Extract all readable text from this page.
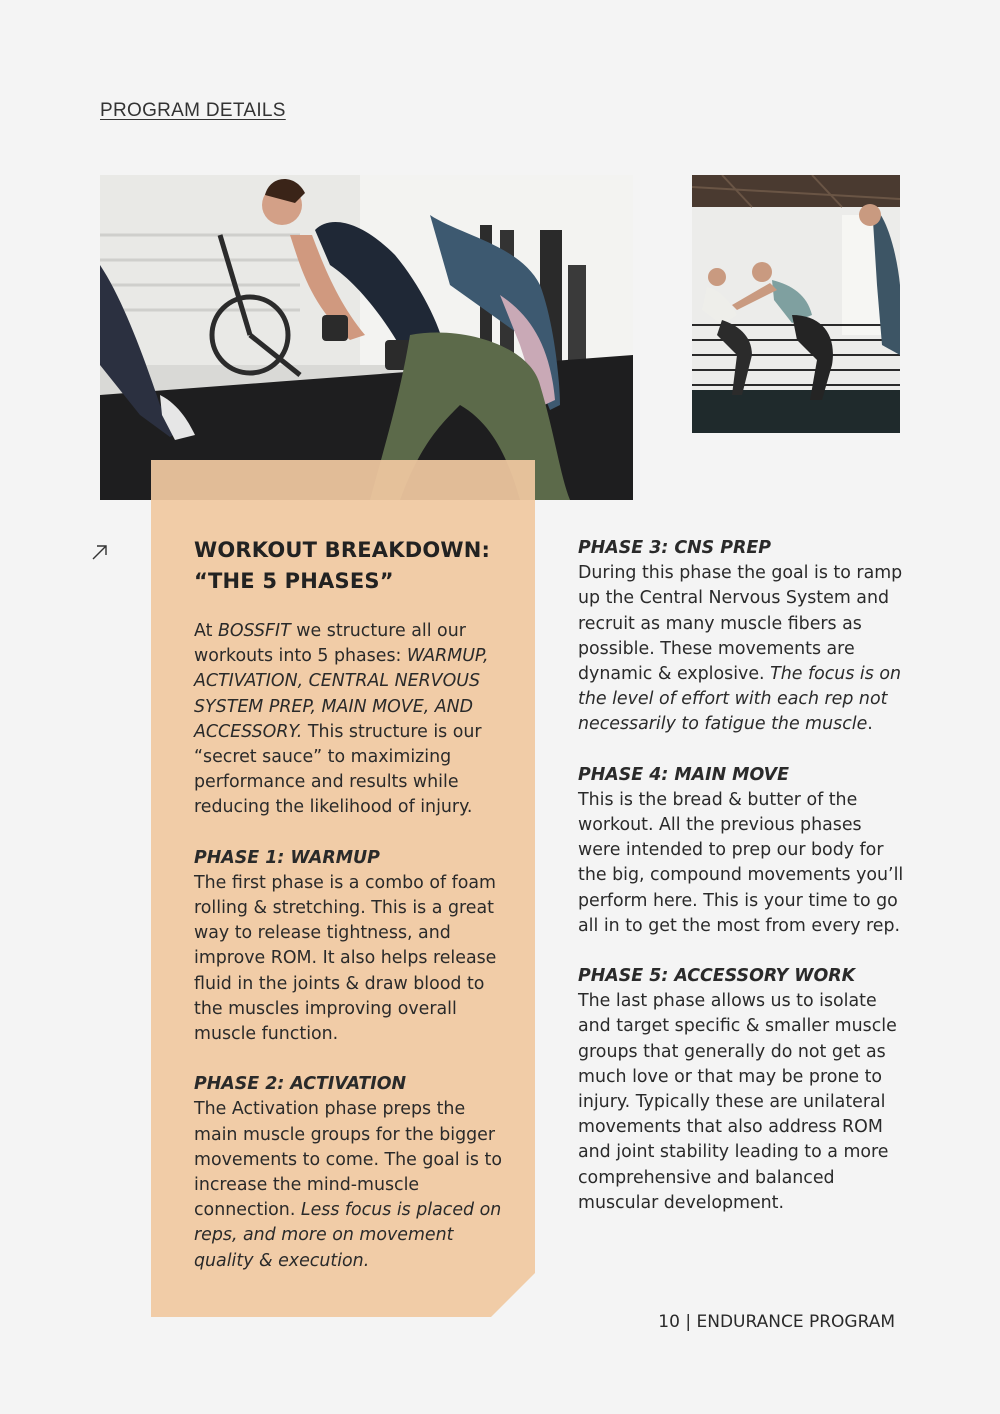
PROGRAM DETAILS
WORKOUT BREAKDOWN:
“THE 5 PHASES”

At BOSSFIT we structure all our workouts into 5 phases: WARMUP, ACTIVATION, CENTRAL NERVOUS SYSTEM PREP, MAIN MOVE, AND ACCESSORY. This structure is our “secret sauce” to maximizing performance and results while reducing the likelihood of injury.

PHASE 1: WARMUP

The first phase is a combo of foam rolling & stretching. This is a great way to release tightness, and improve ROM. It also helps release fluid in the joints & draw blood to the muscles improving overall muscle function.

PHASE 2: ACTIVATION

The Activation phase preps the main muscle groups for the bigger movements to come. The goal is to increase the mind-muscle connection. Less focus is placed on reps, and more on movement quality & execution.

PHASE 3: CNS PREP

During this phase the goal is to ramp up the Central Nervous System and recruit as many muscle fibers as possible. These movements are dynamic & explosive. The focus is on the level of effort with each rep not necessarily to fatigue the muscle.

PHASE 4: MAIN MOVE

This is the bread & butter of the workout. All the previous phases were intended to prep our body for the big, compound movements you’ll perform here. This is your time to go all in to get the most from every rep.

PHASE 5: ACCESSORY WORK

The last phase allows us to isolate and target specific & smaller muscle groups that generally do not get as much love or that may be prone to injury. Typically these are unilateral movements that also address ROM and joint stability leading to a more comprehensive and balanced muscular development.

10 | ENDURANCE PROGRAM
